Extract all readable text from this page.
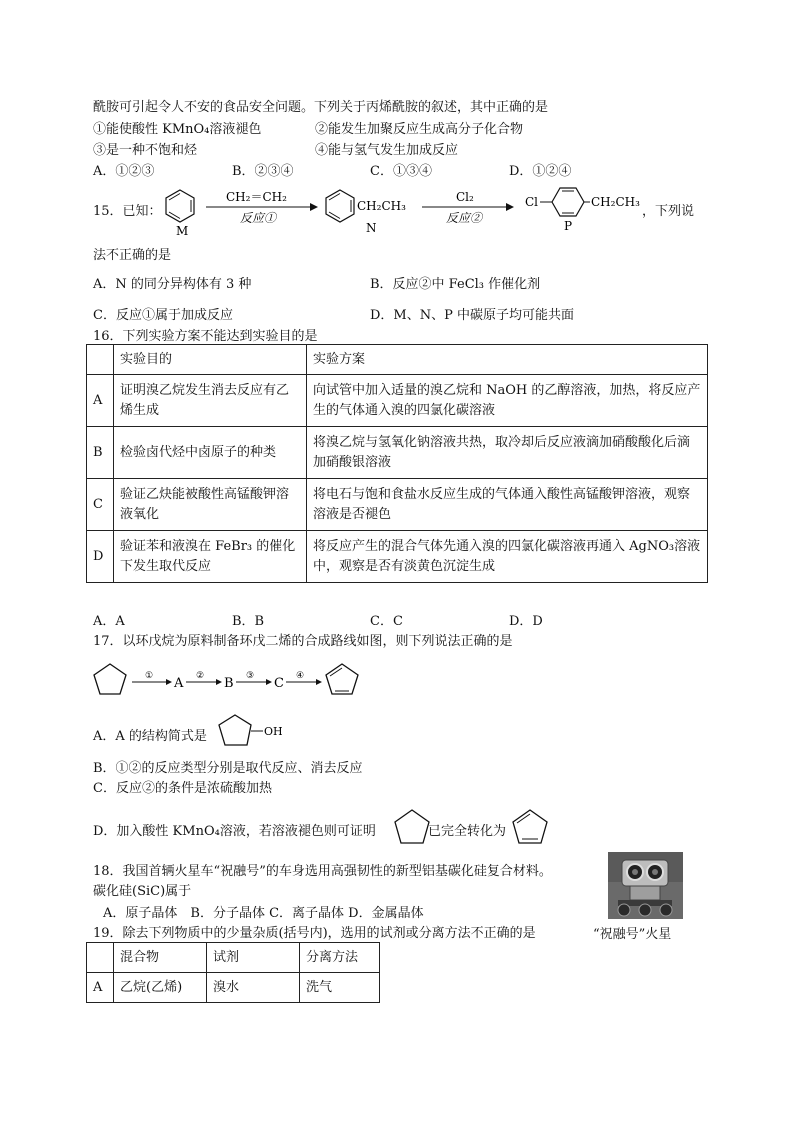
酰胺可引起令人不安的食品安全问题。下列关于丙烯酰胺的叙述，其中正确的是
①能使酸性 KMnO₄溶液褪色	②能发生加聚反应生成高分子化合物
③是一种不饱和烃	④能与氢气发生加成反应
A．①②③	B．②③④	C．①③④	D．①②④
15．已知：
M
CH₂＝CH₂
反应①
CH₂CH₃
N
Cl₂
反应②
Cl	CH₂CH₃
P
，下列说
法不正确的是
A．N 的同分异构体有 3 种	B．反应②中 FeCl₃ 作催化剂
C．反应①属于加成反应	D．M、N、P 中碳原子均可能共面
16．下列实验方案不能达到实验目的是
	实验目的	实验方案
A	证明溴乙烷发生消去反应有乙烯生成	向试管中加入适量的溴乙烷和 NaOH 的乙醇溶液，加热，将反应产生的气体通入溴的四氯化碳溶液
B	检验卤代烃中卤原子的种类	将溴乙烷与氢氧化钠溶液共热，取冷却后反应液滴加硝酸酸化后滴加硝酸银溶液
C	验证乙炔能被酸性高锰酸钾溶液氧化	将电石与饱和食盐水反应生成的气体通入酸性高锰酸钾溶液，观察溶液是否褪色
D	验证苯和液溴在 FeBr₃ 的催化下发生取代反应	将反应产生的混合气体先通入溴的四氯化碳溶液再通入 AgNO₃溶液中，观察是否有淡黄色沉淀生成
A．A	B．B	C．C	D．D
17．以环戊烷为原料制备环戊二烯的合成路线如图，则下列说法正确的是
① A ② B ③ C ④
A．A 的结构简式是	OH
B．①②的反应类型分别是取代反应、消去反应
C．反应②的条件是浓硫酸加热
D．加入酸性 KMnO₄溶液，若溶液褪色则可证明	已完全转化为
18．我国首辆火星车“祝融号”的车身选用高强韧性的新型铝基碳化硅复合材料。
碳化硅(SiC)属于
A．原子晶体　B．分子晶体 C．离子晶体 D．金属晶体
“祝融号”火星
19．除去下列物质中的少量杂质(括号内)，选用的试剂或分离方法不正确的是
	混合物	试剂	分离方法
A	乙烷(乙烯)	溴水	洗气
